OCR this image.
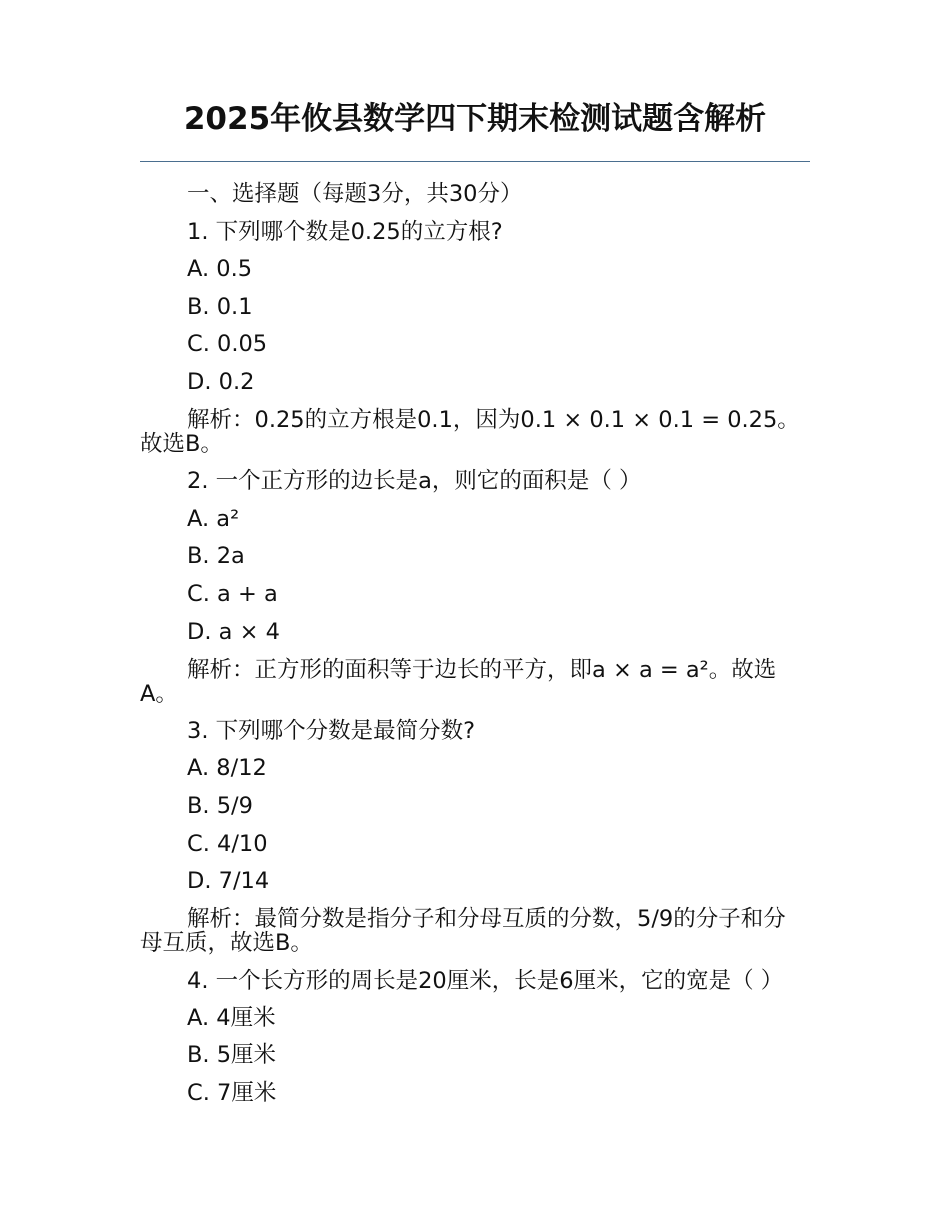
2025年攸县数学四下期末检测试题含解析

一、选择题（每题3分，共30分）

1. 下列哪个数是0.25的立方根?

A. 0.5

B. 0.1

C. 0.05

D. 0.2

解析：0.25的立方根是0.1，因为0.1 × 0.1 × 0.1 = 0.25。故选B。

2. 一个正方形的边长是a，则它的面积是（ ）

A. a²

B. 2a

C. a + a

D. a × 4

解析：正方形的面积等于边长的平方，即a × a = a²。故选A。

3. 下列哪个分数是最简分数?

A. 8/12

B. 5/9

C. 4/10

D. 7/14

解析：最简分数是指分子和分母互质的分数，5/9的分子和分母互质，故选B。

4. 一个长方形的周长是20厘米，长是6厘米，它的宽是（ ）

A. 4厘米

B. 5厘米

C. 7厘米
